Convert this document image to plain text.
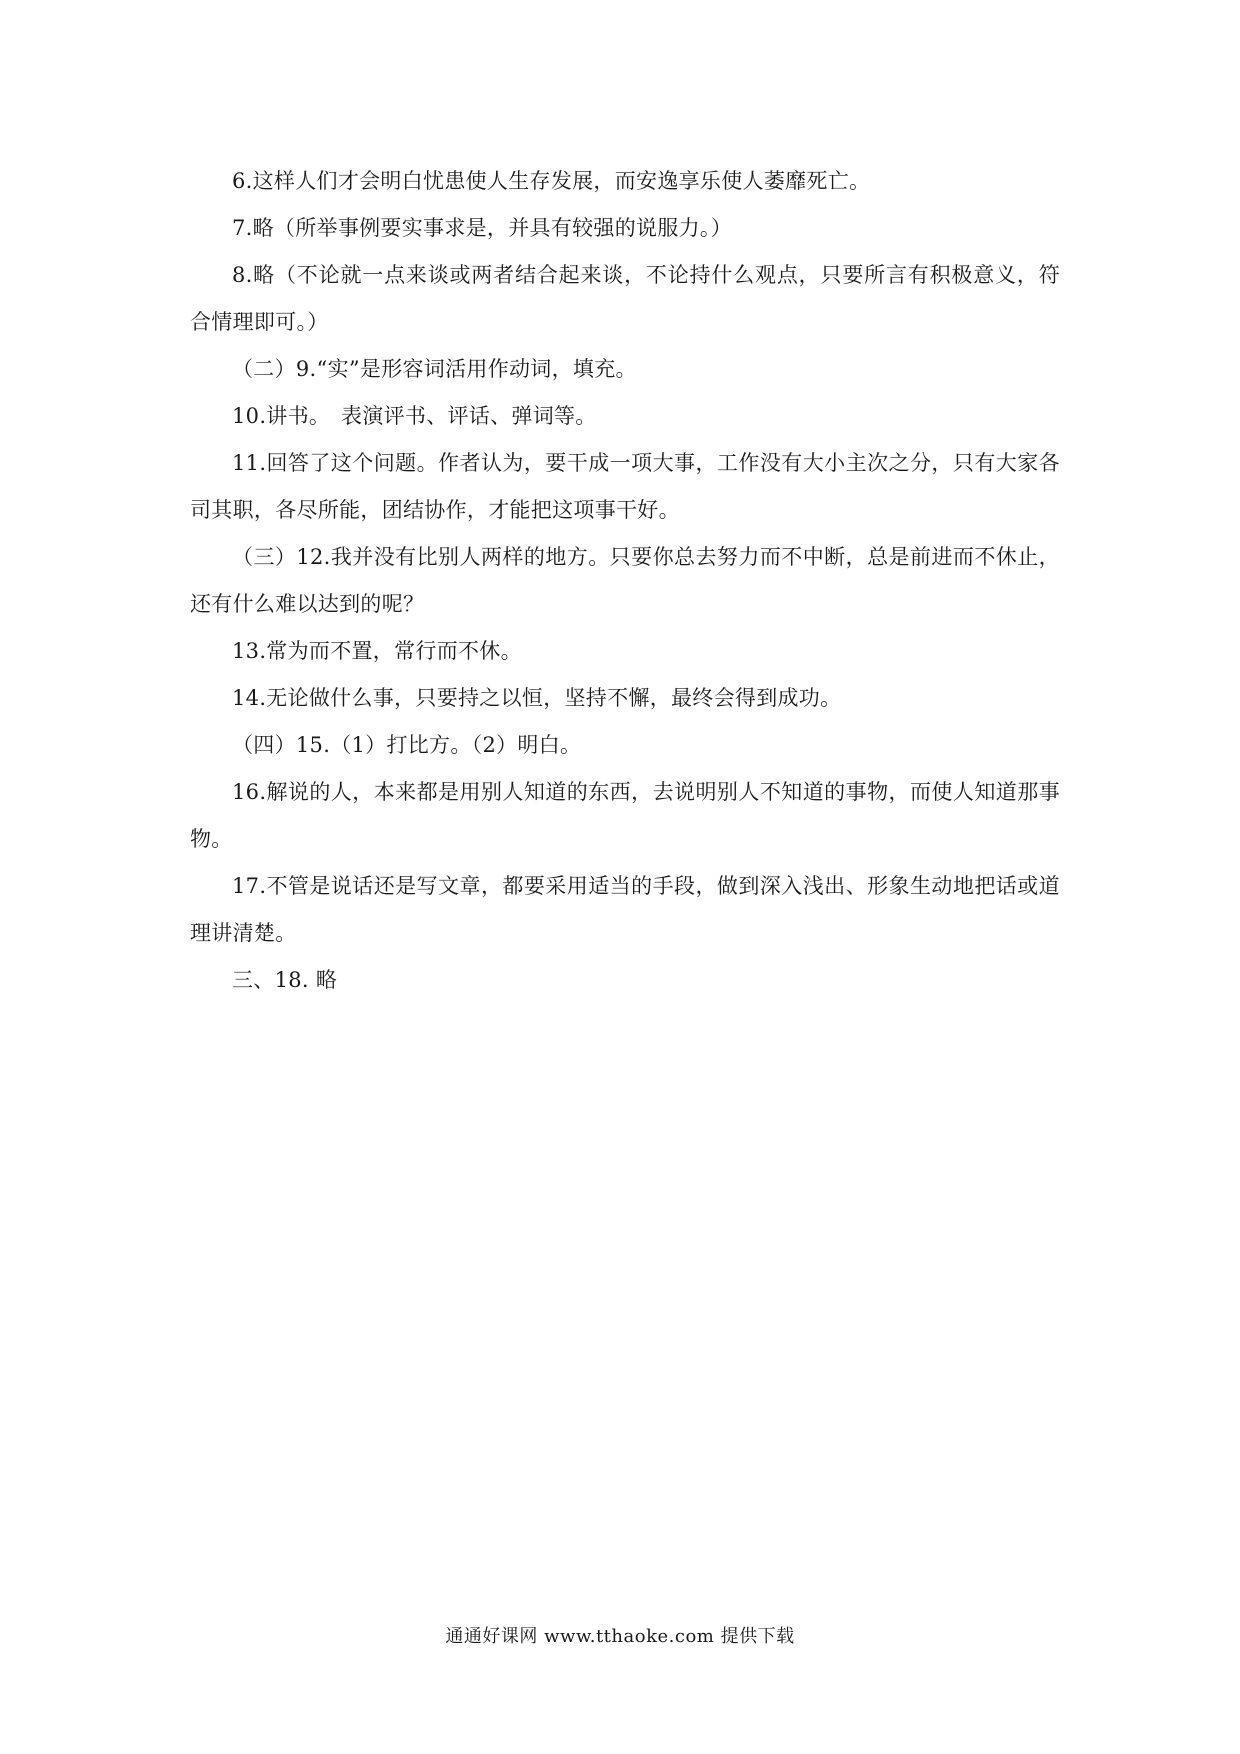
6.这样人们才会明白忧患使人生存发展，而安逸享乐使人萎靡死亡。

7.略（所举事例要实事求是，并具有较强的说服力。）

8.略（不论就一点来谈或两者结合起来谈，不论持什么观点，只要所言有积极意义，符合情理即可。）

（二）9.“实”是形容词活用作动词，填充。

10.讲书。　表演评书、评话、弹词等。

11.回答了这个问题。作者认为，要干成一项大事，工作没有大小主次之分，只有大家各司其职，各尽所能，团结协作，才能把这项事干好。

（三）12.我并没有比别人两样的地方。只要你总去努力而不中断，总是前进而不休止，还有什么难以达到的呢？

13.常为而不置，常行而不休。

14.无论做什么事，只要持之以恒，坚持不懈，最终会得到成功。

（四）15.（1）打比方。（2）明白。

16.解说的人，本来都是用别人知道的东西，去说明别人不知道的事物，而使人知道那事物。

17.不管是说话还是写文章，都要采用适当的手段，做到深入浅出、形象生动地把话或道理讲清楚。

三、18. 略

通通好课网 www.tthaoke.com 提供下载
